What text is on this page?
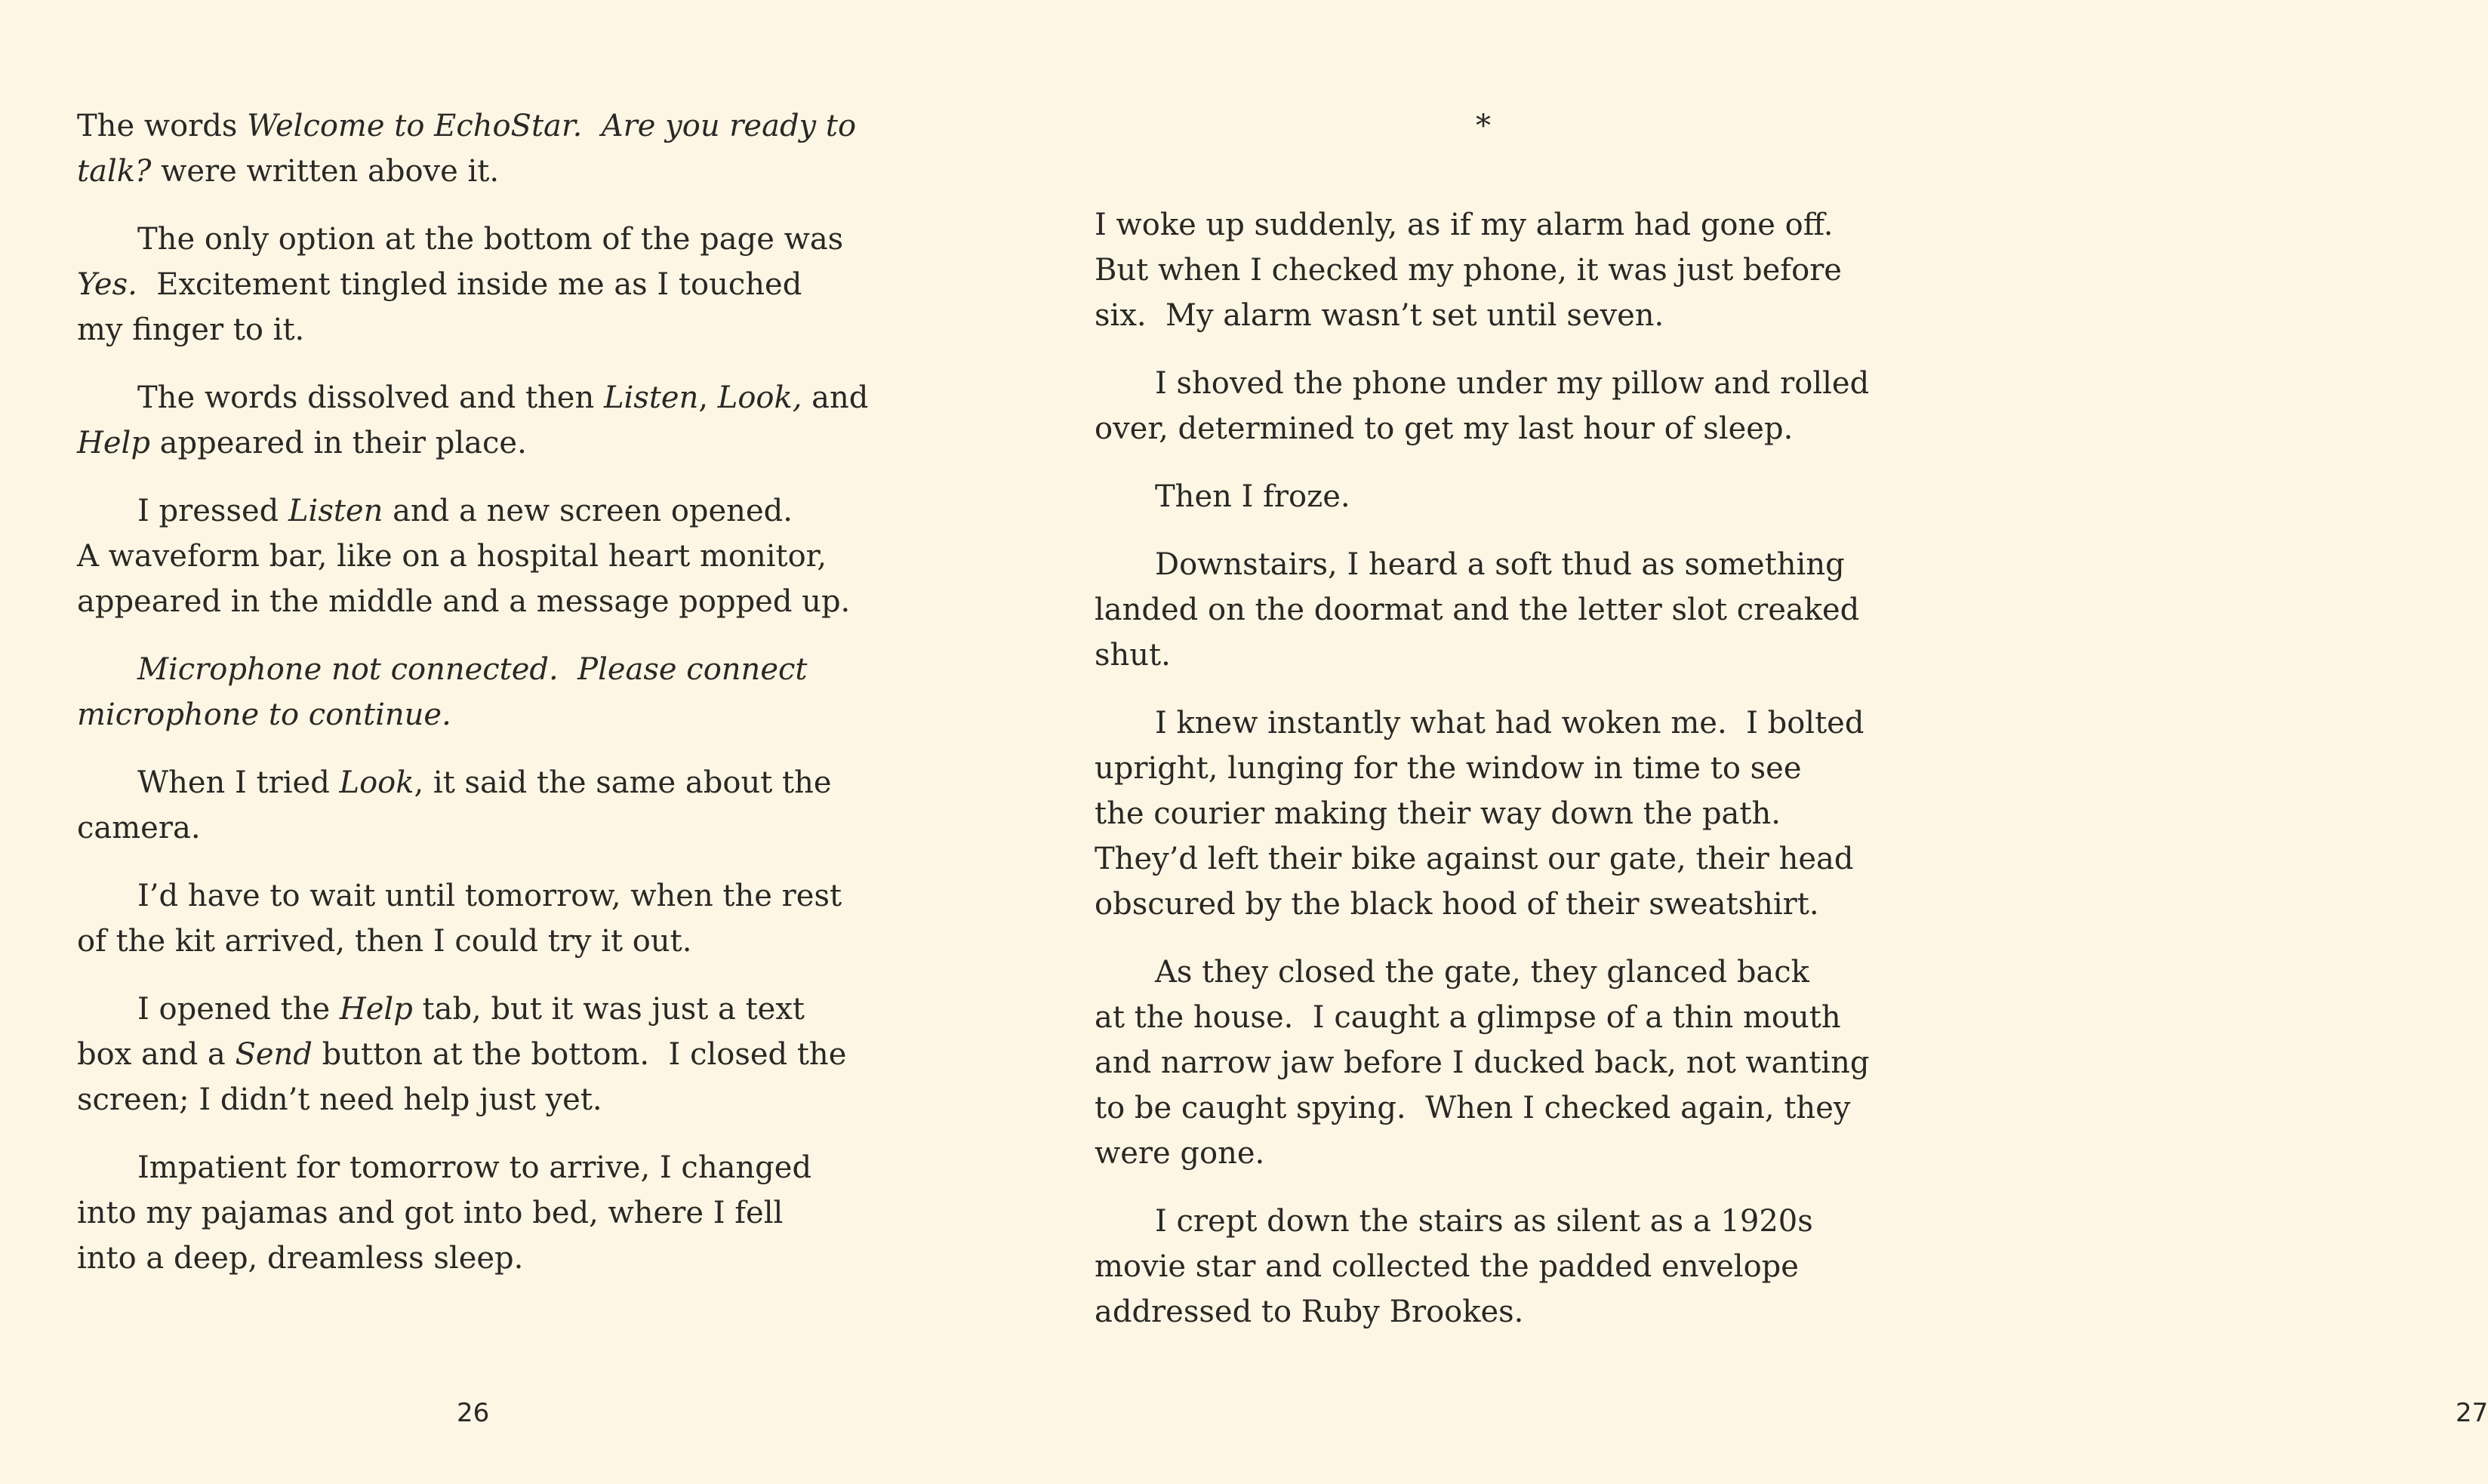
The words Welcome to EchoStar.  Are you ready to
talk? were written above it.

The only option at the bottom of the page was
Yes.  Excitement tingled inside me as I touched
my finger to it.

The words dissolved and then Listen, Look, and
Help appeared in their place.

I pressed Listen and a new screen opened.
A waveform bar, like on a hospital heart monitor,
appeared in the middle and a message popped up.

Microphone not connected.  Please connect
microphone to continue.

When I tried Look, it said the same about the
camera.

I’d have to wait until tomorrow, when the rest
of the kit arrived, then I could try it out.

I opened the Help tab, but it was just a text
box and a Send button at the bottom.  I closed the
screen; I didn’t need help just yet.

Impatient for tomorrow to arrive, I changed
into my pajamas and got into bed, where I fell
into a deep, dreamless sleep.

26
*

I woke up suddenly, as if my alarm had gone off.
But when I checked my phone, it was just before
six.  My alarm wasn’t set until seven.

I shoved the phone under my pillow and rolled
over, determined to get my last hour of sleep.

Then I froze.

Downstairs, I heard a soft thud as something
landed on the doormat and the letter slot creaked
shut.

I knew instantly what had woken me.  I bolted
upright, lunging for the window in time to see
the courier making their way down the path.
They’d left their bike against our gate, their head
obscured by the black hood of their sweatshirt.

As they closed the gate, they glanced back
at the house.  I caught a glimpse of a thin mouth
and narrow jaw before I ducked back, not wanting
to be caught spying.  When I checked again, they
were gone.

I crept down the stairs as silent as a 1920s
movie star and collected the padded envelope
addressed to Ruby Brookes.

27
